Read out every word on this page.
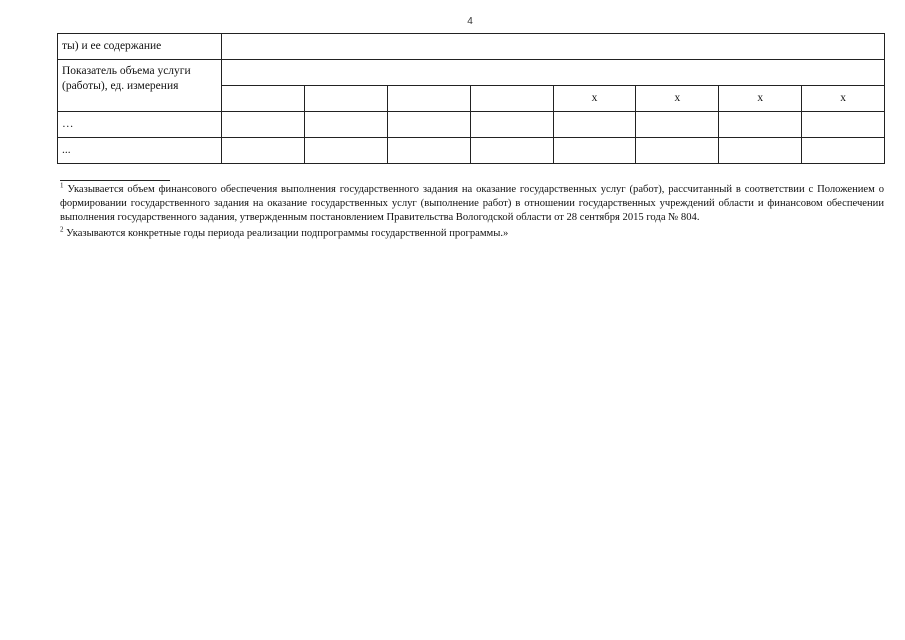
4
ты) и ее содержание								

Показатель объема услуги
(работы), ед. измерения								

					х	х	х	х
…								
...								

$^1$ Указывается объем финансового обеспечения выполнения государственного задания на оказание государственных услуг (работ), рассчитанный в соответствии с Положением о формировании государственного задания на оказание государственных услуг (выполнение работ) в отношении государственных учреждений области и финансовом обеспечении выполнения государственного задания, утвержденным постановлением Правительства Вологодской области от 28 сентября 2015 года № 804.

$^2$ Указываются конкретные годы периода реализации подпрограммы государственной программы.»
